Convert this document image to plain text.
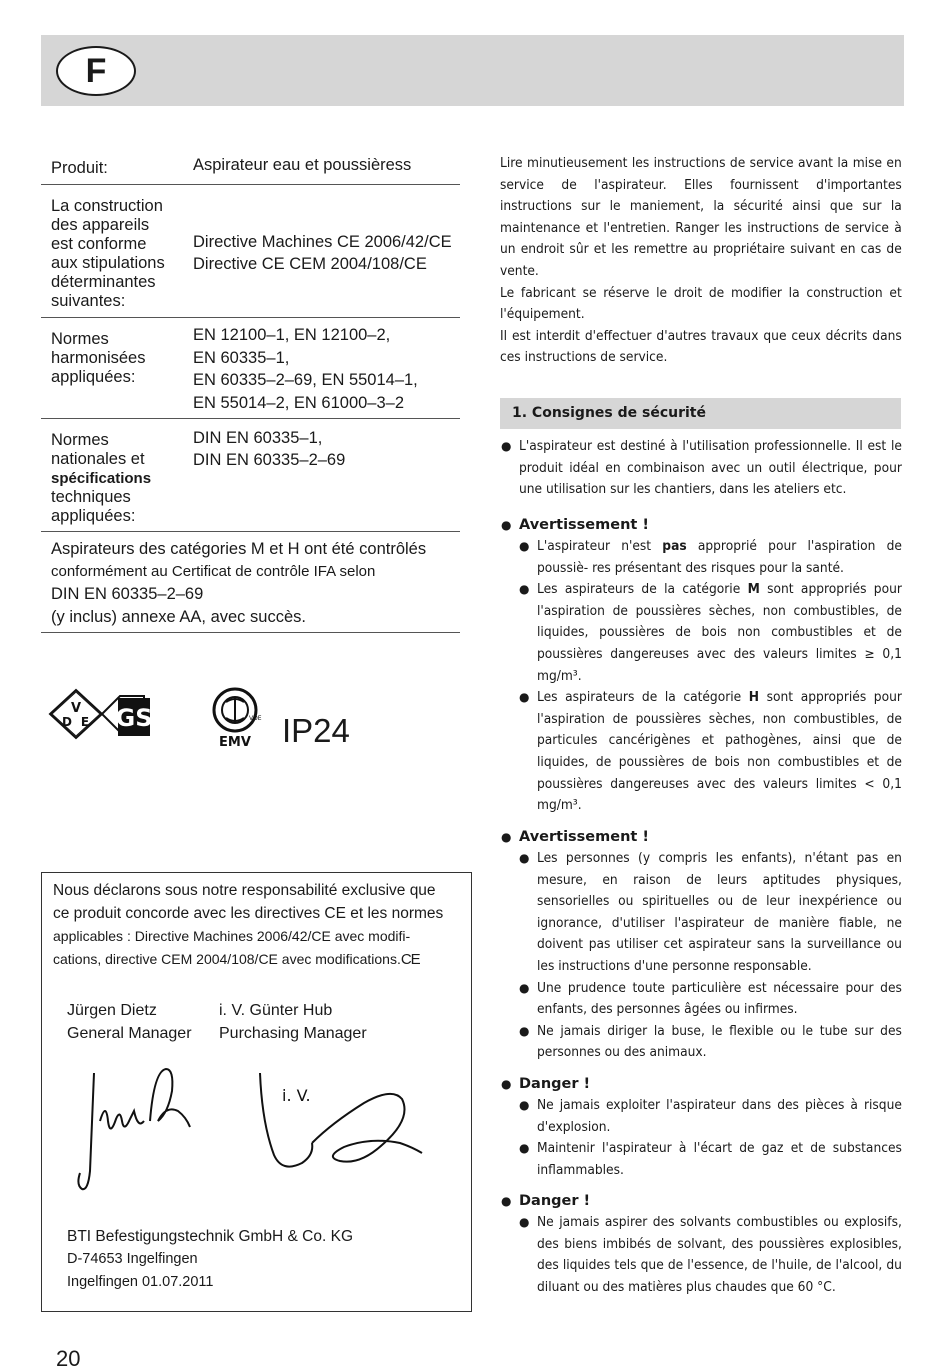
F
Produit:	Aspirateur eau et poussièress
La construction
des appareils
est conforme
aux stipulations
déterminantes
suivantes:
Directive Machines CE 2006/42/CE
Directive CE CEM 2004/108/CE
Normes
harmonisées
appliquées:
EN 12100–1, EN 12100–2,
EN 60335–1,
EN 60335–2–69, EN 55014–1,
EN 55014–2, EN 61000–3–2
Normes
nationales et
spécifications
techniques
appliquées:
DIN EN 60335–1,
DIN EN 60335–2–69
Aspirateurs des catégories M et H ont été contrôlés
conformément au Certificat de contrôle IFA selon
DIN EN 60335–2–69
(y inclus) annexe AA, avec succès.
V
D E GS	VDE
EMV IP24
Nous déclarons sous notre responsabilité exclusive que
ce produit concorde avec les directives CE et les normes
applicables : Directive Machines 2006/42/CE avec modifi-
cations, directive CEM 2004/108/CE avec modifications.CE
Jürgen Dietz
General Manager
i. V. Günter Hub
Purchasing Manager
i. V.
BTI Befestigungstechnik GmbH & Co. KG
D-74653 Ingelfingen
Ingelfingen 01.07.2011
20

Lire minutieusement les instructions de service avant la mise en service de l'aspirateur. Elles fournissent d'importantes instructions sur le maniement, la sécurité ainsi que sur la maintenance et l'entretien. Ranger les instructions de service à un endroit sûr et les remettre au propriétaire suivant en cas de vente.

Le fabricant se réserve le droit de modifier la construction et l'équipement.

Il est interdit d'effectuer d'autres travaux que ceux décrits dans ces instructions de service.

1. Consignes de sécurité
● L'aspirateur est destiné à l'utilisation professionnelle. Il est le produit idéal en combinaison avec un outil électrique, pour une utilisation sur les chantiers, dans les ateliers etc.
● Avertissement !
● L'aspirateur n'est pas approprié pour l'aspiration de poussiè- res présentant des risques pour la santé.
● Les aspirateurs de la catégorie M sont appropriés pour l'aspiration de poussières sèches, non combustibles, de liquides, poussières de bois non combustibles et de poussières dangereuses avec des valeurs limites ≥ 0,1 mg/m³.
● Les aspirateurs de la catégorie H sont appropriés pour l'aspiration de poussières sèches, non combustibles, de particules cancérigènes et pathogènes, ainsi que de liquides, de poussières de bois non combustibles et de poussières dangereuses avec des valeurs limites < 0,1 mg/m³.
● Avertissement !
● Les personnes (y compris les enfants), n'étant pas en mesure, en raison de leurs aptitudes physiques, sensorielles ou spirituelles ou de leur inexpérience ou ignorance, d'utiliser l'aspirateur de manière fiable, ne doivent pas utiliser cet aspirateur sans la surveillance ou les instructions d'une personne responsable.
● Une prudence toute particulière est nécessaire pour des enfants, des personnes âgées ou infirmes.
● Ne jamais diriger la buse, le flexible ou le tube sur des personnes ou des animaux.
● Danger !
● Ne jamais exploiter l'aspirateur dans des pièces à risque d'explosion.
● Maintenir l'aspirateur à l'écart de gaz et de substances inflammables.
● Danger !
● Ne jamais aspirer des solvants combustibles ou explosifs, des biens imbibés de solvant, des poussières explosibles, des liquides tels que de l'essence, de l'huile, de l'alcool, du diluant ou des matières plus chaudes que 60 °C.
